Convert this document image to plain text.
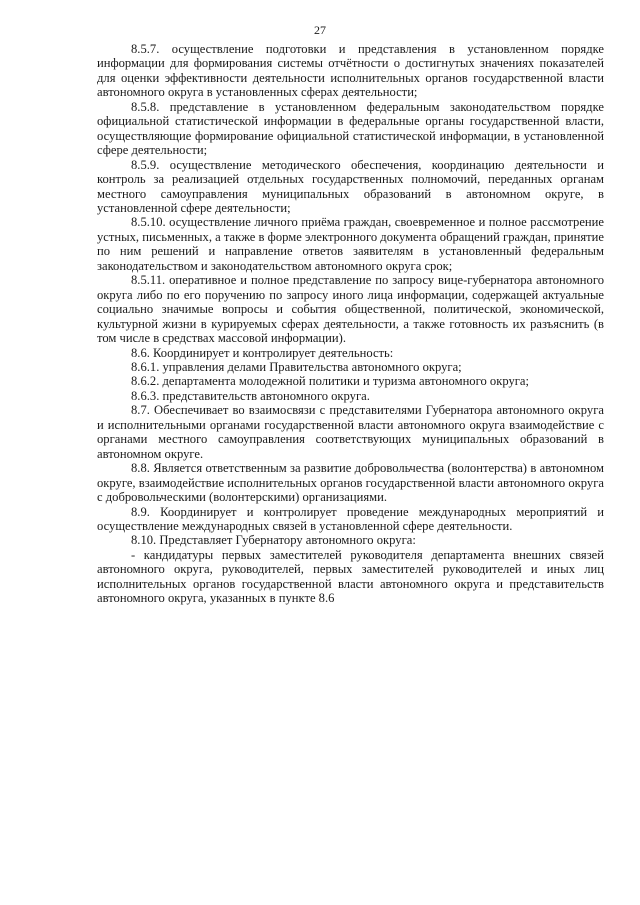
27

8.5.7. осуществление подготовки и представления в установленном порядке информации для формирования системы отчётности о достигнутых значениях показателей для оценки эффективности деятельности исполнительных органов государственной власти автономного округа в установленных сферах деятельности;

8.5.8. представление в установленном федеральным законодательством порядке официальной статистической информации в федеральные органы государственной власти, осуществляющие формирование официальной статистической информации, в установленной сфере деятельности;

8.5.9. осуществление методического обеспечения, координацию деятельности и контроль за реализацией отдельных государственных полномочий, переданных органам местного самоуправления муниципальных образований в автономном округе, в установленной сфере деятельности;

8.5.10. осуществление личного приёма граждан, своевременное и полное рассмотрение устных, письменных, а также в форме электронного документа обращений граждан, принятие по ним решений и направление ответов заявителям в установленный федеральным законодательством и законодательством автономного округа срок;

8.5.11. оперативное и полное представление по запросу вице-губернатора автономного округа либо по его поручению по запросу иного лица информации, содержащей актуальные социально значимые вопросы и события общественной, политической, экономической, культурной жизни в курируемых сферах деятельности, а также готовность их разъяснить (в том числе в средствах массовой информации).

8.6. Координирует и контролирует деятельность:

8.6.1. управления делами Правительства автономного округа;

8.6.2. департамента молодежной политики и туризма автономного округа;

8.6.3. представительств автономного округа.

8.7. Обеспечивает во взаимосвязи с представителями Губернатора автономного округа и исполнительными органами государственной власти автономного округа взаимодействие с органами местного самоуправления соответствующих муниципальных образований в автономном округе.

8.8. Является ответственным за развитие добровольчества (волонтерства) в автономном округе, взаимодействие исполнительных органов государственной власти автономного округа с добровольческими (волонтерскими) организациями.

8.9. Координирует и контролирует проведение международных мероприятий и осуществление международных связей в установленной сфере деятельности.

8.10. Представляет Губернатору автономного округа:

- кандидатуры первых заместителей руководителя департамента внешних связей автономного округа, руководителей, первых заместителей руководителей и иных лиц исполнительных органов государственной власти автономного округа и представительств автономного округа, указанных в пункте 8.6
